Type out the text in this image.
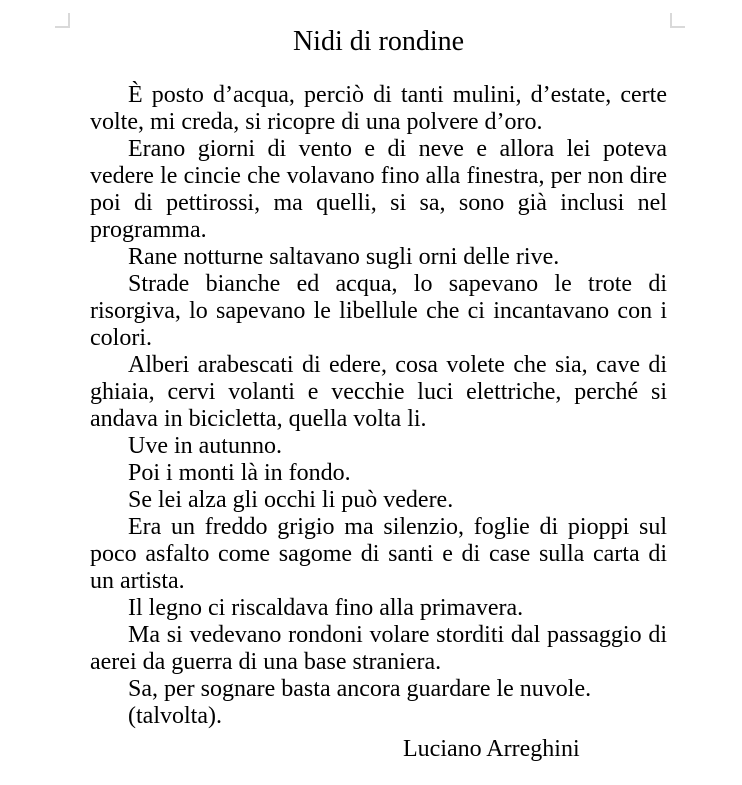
Nidi di rondine

È posto d’acqua, perciò di tanti mulini, d’estate, certe volte, mi creda, si ricopre di una polvere d’oro.

Erano giorni di vento e di neve e allora lei poteva vedere le cincie che volavano fino alla finestra, per non dire poi di pettirossi, ma quelli, si sa, sono già inclusi nel programma.

Rane notturne saltavano sugli orni delle rive.

Strade bianche ed acqua, lo sapevano le trote di risorgiva, lo sapevano le libellule che ci incantavano con i colori.

Alberi arabescati di edere, cosa volete che sia, cave di ghiaia, cervi volanti e vecchie luci elettriche, perché si andava in bicicletta, quella volta li.

Uve in autunno.

Poi i monti là in fondo.

Se lei alza gli occhi li può vedere.

Era un freddo grigio ma silenzio, foglie di pioppi sul poco asfalto come sagome di santi e di case sulla carta di un artista.

Il legno ci riscaldava fino alla primavera.

Ma si vedevano rondoni volare storditi dal passaggio di aerei da guerra di una base straniera.

Sa, per sognare basta ancora guardare le nuvole.

(talvolta).

Luciano Arreghini
